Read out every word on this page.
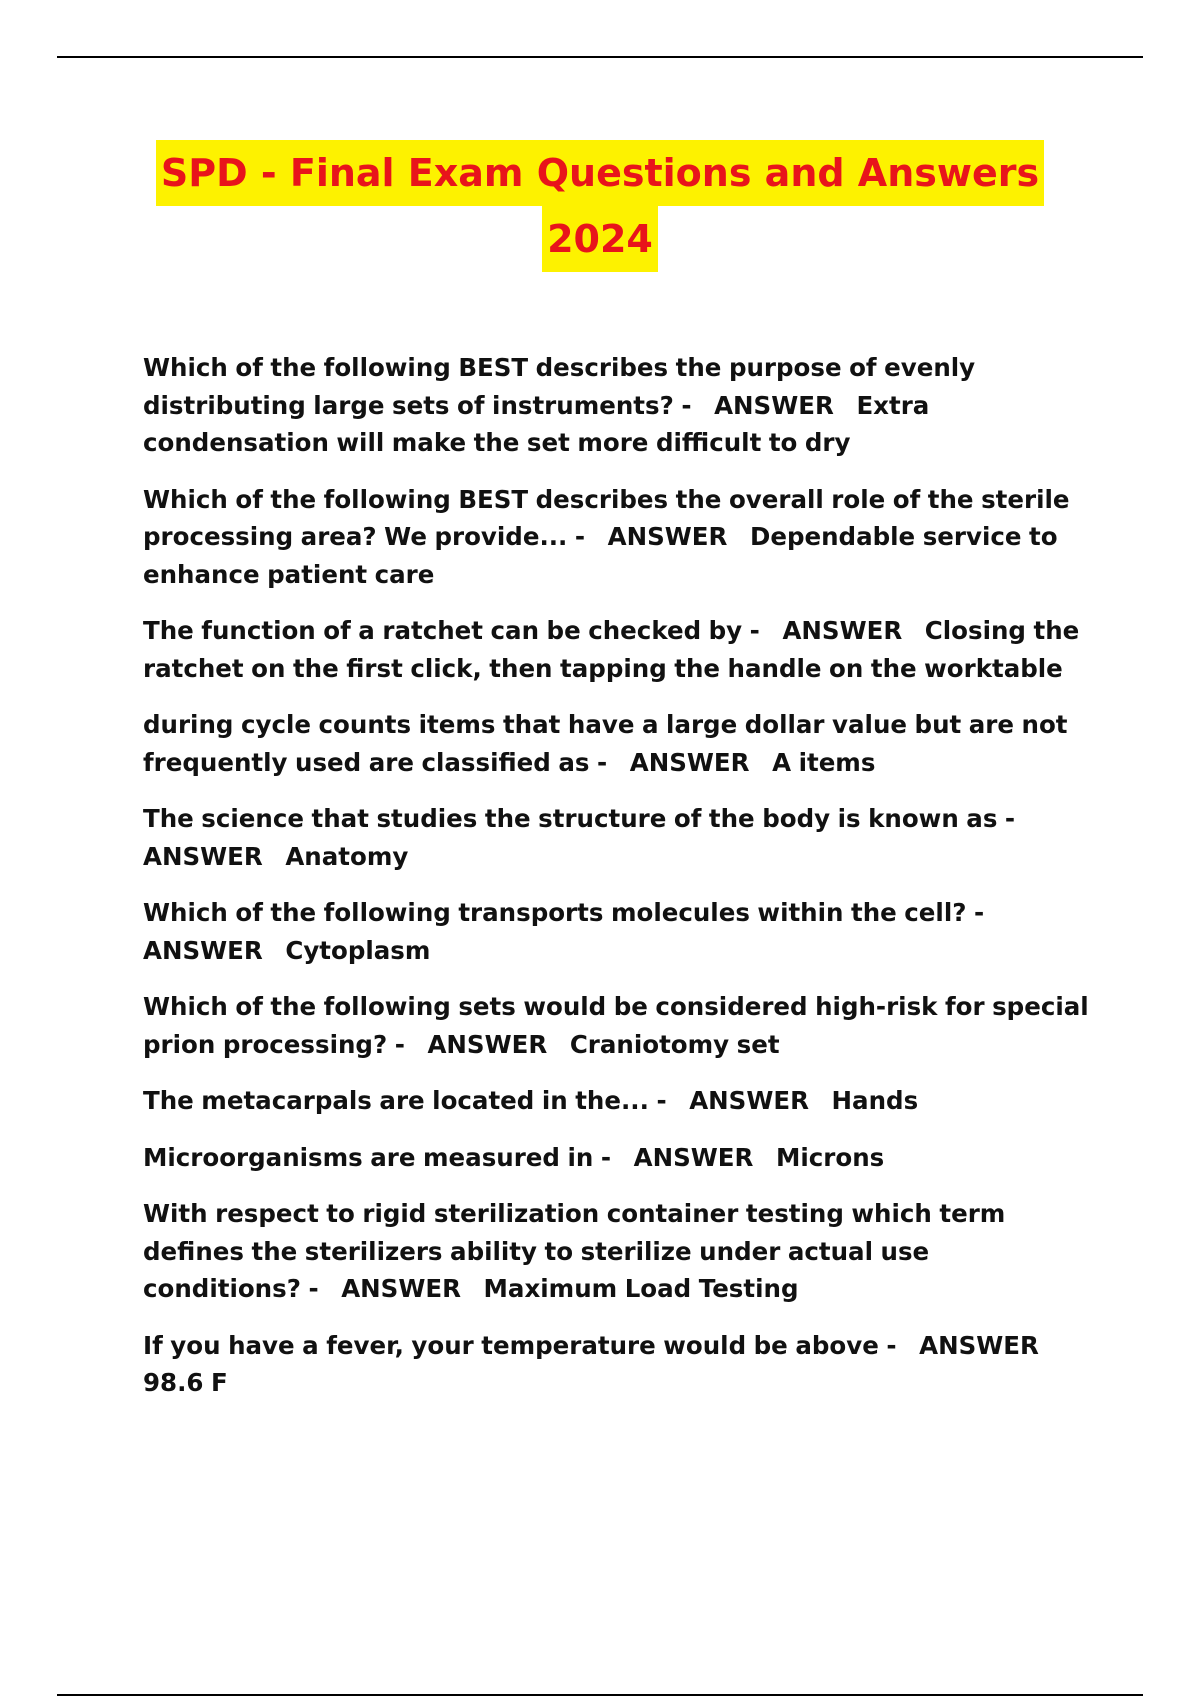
SPD - Final Exam Questions and Answers
2024

Which of the following BEST describes the purpose of evenly distributing large sets of instruments? - ANSWER Extra condensation will make the set more difficult to dry

Which of the following BEST describes the overall role of the sterile processing area? We provide... - ANSWER Dependable service to enhance patient care

The function of a ratchet can be checked by - ANSWER Closing the ratchet on the first click, then tapping the handle on the worktable

during cycle counts items that have a large dollar value but are not frequently used are classified as - ANSWER A items

The science that studies the structure of the body is known as -   ANSWER Anatomy

Which of the following transports molecules within the cell? -   ANSWER Cytoplasm

Which of the following sets would be considered high-risk for special prion processing? - ANSWER Craniotomy set

The metacarpals are located in the... - ANSWER Hands

Microorganisms are measured in - ANSWER Microns

With respect to rigid sterilization container testing which term defines the sterilizers ability to sterilize under actual use conditions? - ANSWER Maximum Load Testing

If you have a fever, your temperature would be above - ANSWER   98.6 F
